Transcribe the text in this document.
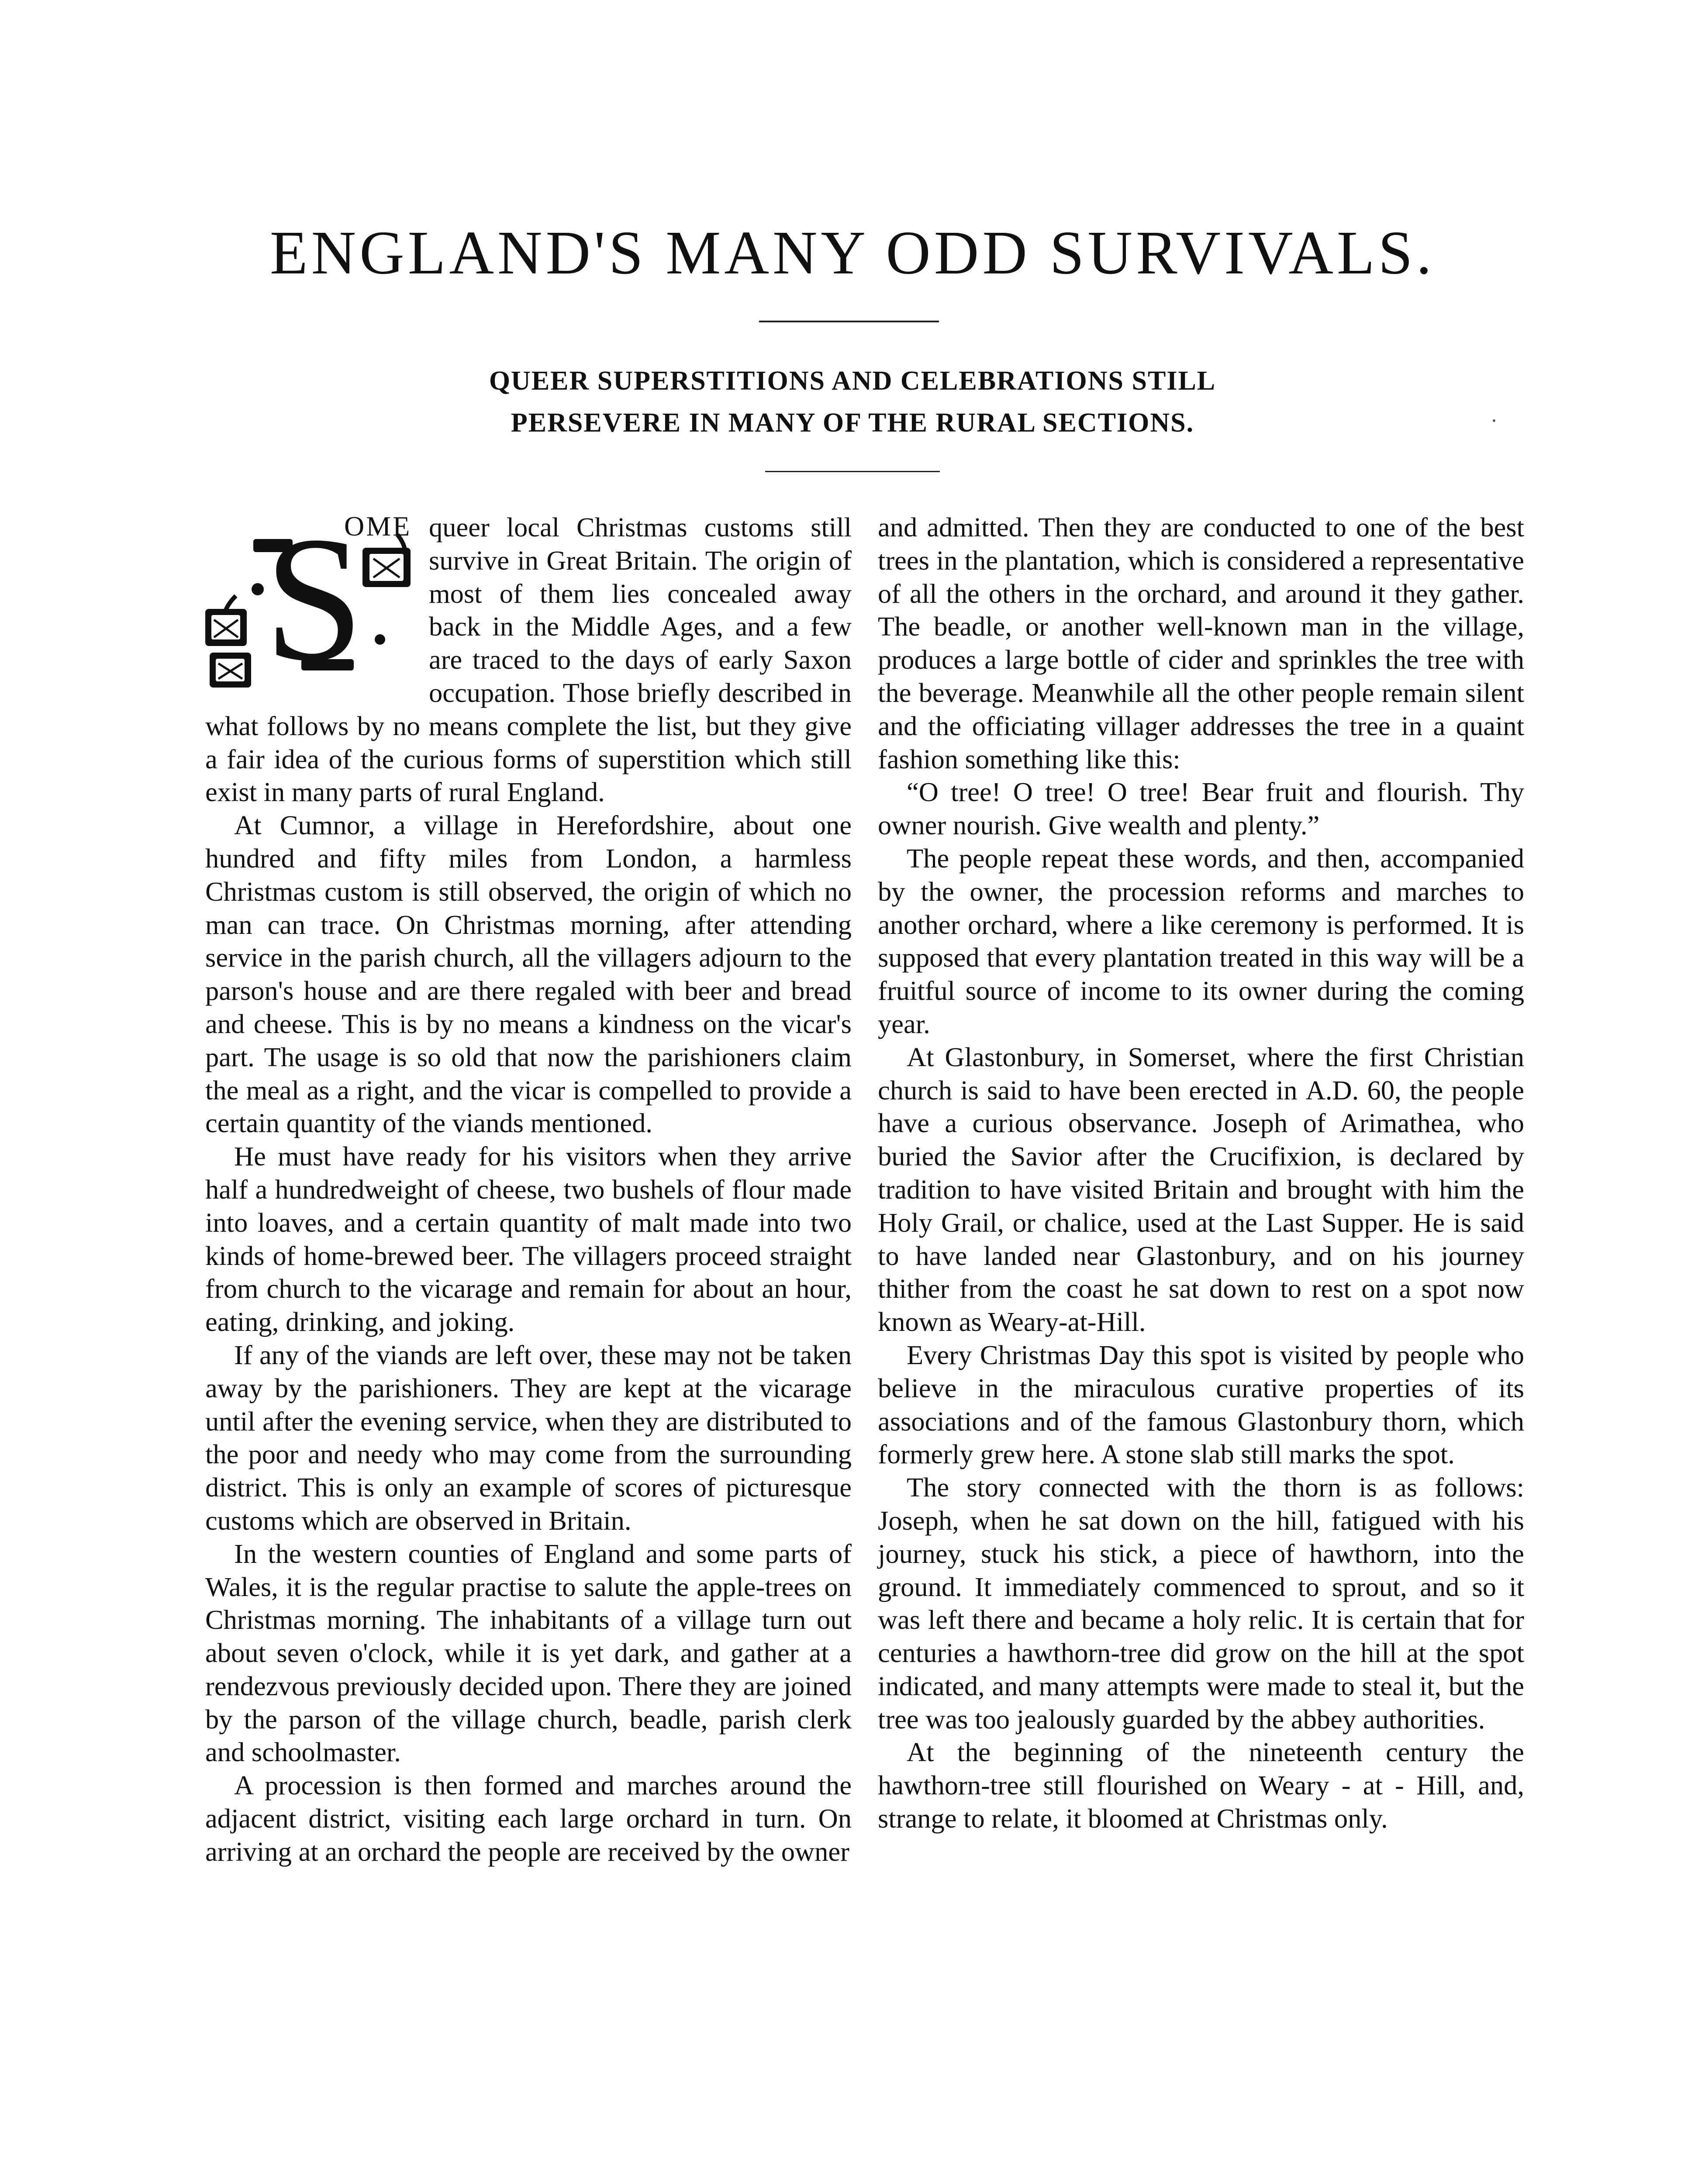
ENGLAND'S MANY ODD SURVIVALS.
QUEER SUPERSTITIONS AND CELEBRATIONS STILL
PERSEVERE IN MANY OF THE RURAL SECTIONS.

S
OME queer local Christmas customs still survive in Great Britain. The origin of most of them lies concealed away back in the Middle Ages, and a few are traced to the days of early Saxon occupation. Those briefly described in what follows by no means complete the list, but they give a fair idea of the curious forms of superstition which still exist in many parts of rural England.

At Cumnor, a village in Herefordshire, about one hundred and fifty miles from London, a harmless Christmas custom is still observed, the origin of which no man can trace. On Christmas morning, after attending service in the parish church, all the villagers adjourn to the parson's house and are there regaled with beer and bread and cheese. This is by no means a kindness on the vicar's part. The usage is so old that now the parishioners claim the meal as a right, and the vicar is compelled to provide a certain quantity of the viands mentioned.

He must have ready for his visitors when they arrive half a hundredweight of cheese, two bushels of flour made into loaves, and a certain quantity of malt made into two kinds of home-brewed beer. The villagers proceed straight from church to the vicarage and remain for about an hour, eating, drinking, and joking.

If any of the viands are left over, these may not be taken away by the parishioners. They are kept at the vicarage until after the evening service, when they are distributed to the poor and needy who may come from the surrounding district. This is only an example of scores of picturesque customs which are observed in Britain.

In the western counties of England and some parts of Wales, it is the regular practise to salute the apple-trees on Christmas morning. The inhabitants of a village turn out about seven o'clock, while it is yet dark, and gather at a rendezvous previously decided upon. There they are joined by the parson of the village church, beadle, parish clerk and schoolmaster.

A procession is then formed and marches around the adjacent district, visiting each large orchard in turn. On arriving at an orchard the people are received by the owner

and admitted. Then they are conducted to one of the best trees in the plantation, which is considered a representative of all the others in the orchard, and around it they gather. The beadle, or another well-known man in the village, produces a large bottle of cider and sprinkles the tree with the beverage. Meanwhile all the other people remain silent and the officiating villager addresses the tree in a quaint fashion something like this:

“O tree! O tree! O tree! Bear fruit and flourish. Thy owner nourish. Give wealth and plenty.”

The people repeat these words, and then, accompanied by the owner, the procession reforms and marches to another orchard, where a like ceremony is performed. It is supposed that every plantation treated in this way will be a fruitful source of income to its owner during the coming year.

At Glastonbury, in Somerset, where the first Christian church is said to have been erected in A.D. 60, the people have a curious observance. Joseph of Arimathea, who buried the Savior after the Crucifixion, is declared by tradition to have visited Britain and brought with him the Holy Grail, or chalice, used at the Last Supper. He is said to have landed near Glastonbury, and on his journey thither from the coast he sat down to rest on a spot now known as Weary-at-Hill.

Every Christmas Day this spot is visited by people who believe in the miraculous curative properties of its associations and of the famous Glastonbury thorn, which formerly grew here. A stone slab still marks the spot.

The story connected with the thorn is as follows: Joseph, when he sat down on the hill, fatigued with his journey, stuck his stick, a piece of hawthorn, into the ground. It immediately commenced to sprout, and so it was left there and became a holy relic. It is certain that for centuries a hawthorn-tree did grow on the hill at the spot indicated, and many attempts were made to steal it, but the tree was too jealously guarded by the abbey authorities.

At the beginning of the nineteenth century the hawthorn-tree still flourished on Weary - at - Hill, and, strange to relate, it bloomed at Christmas only.
